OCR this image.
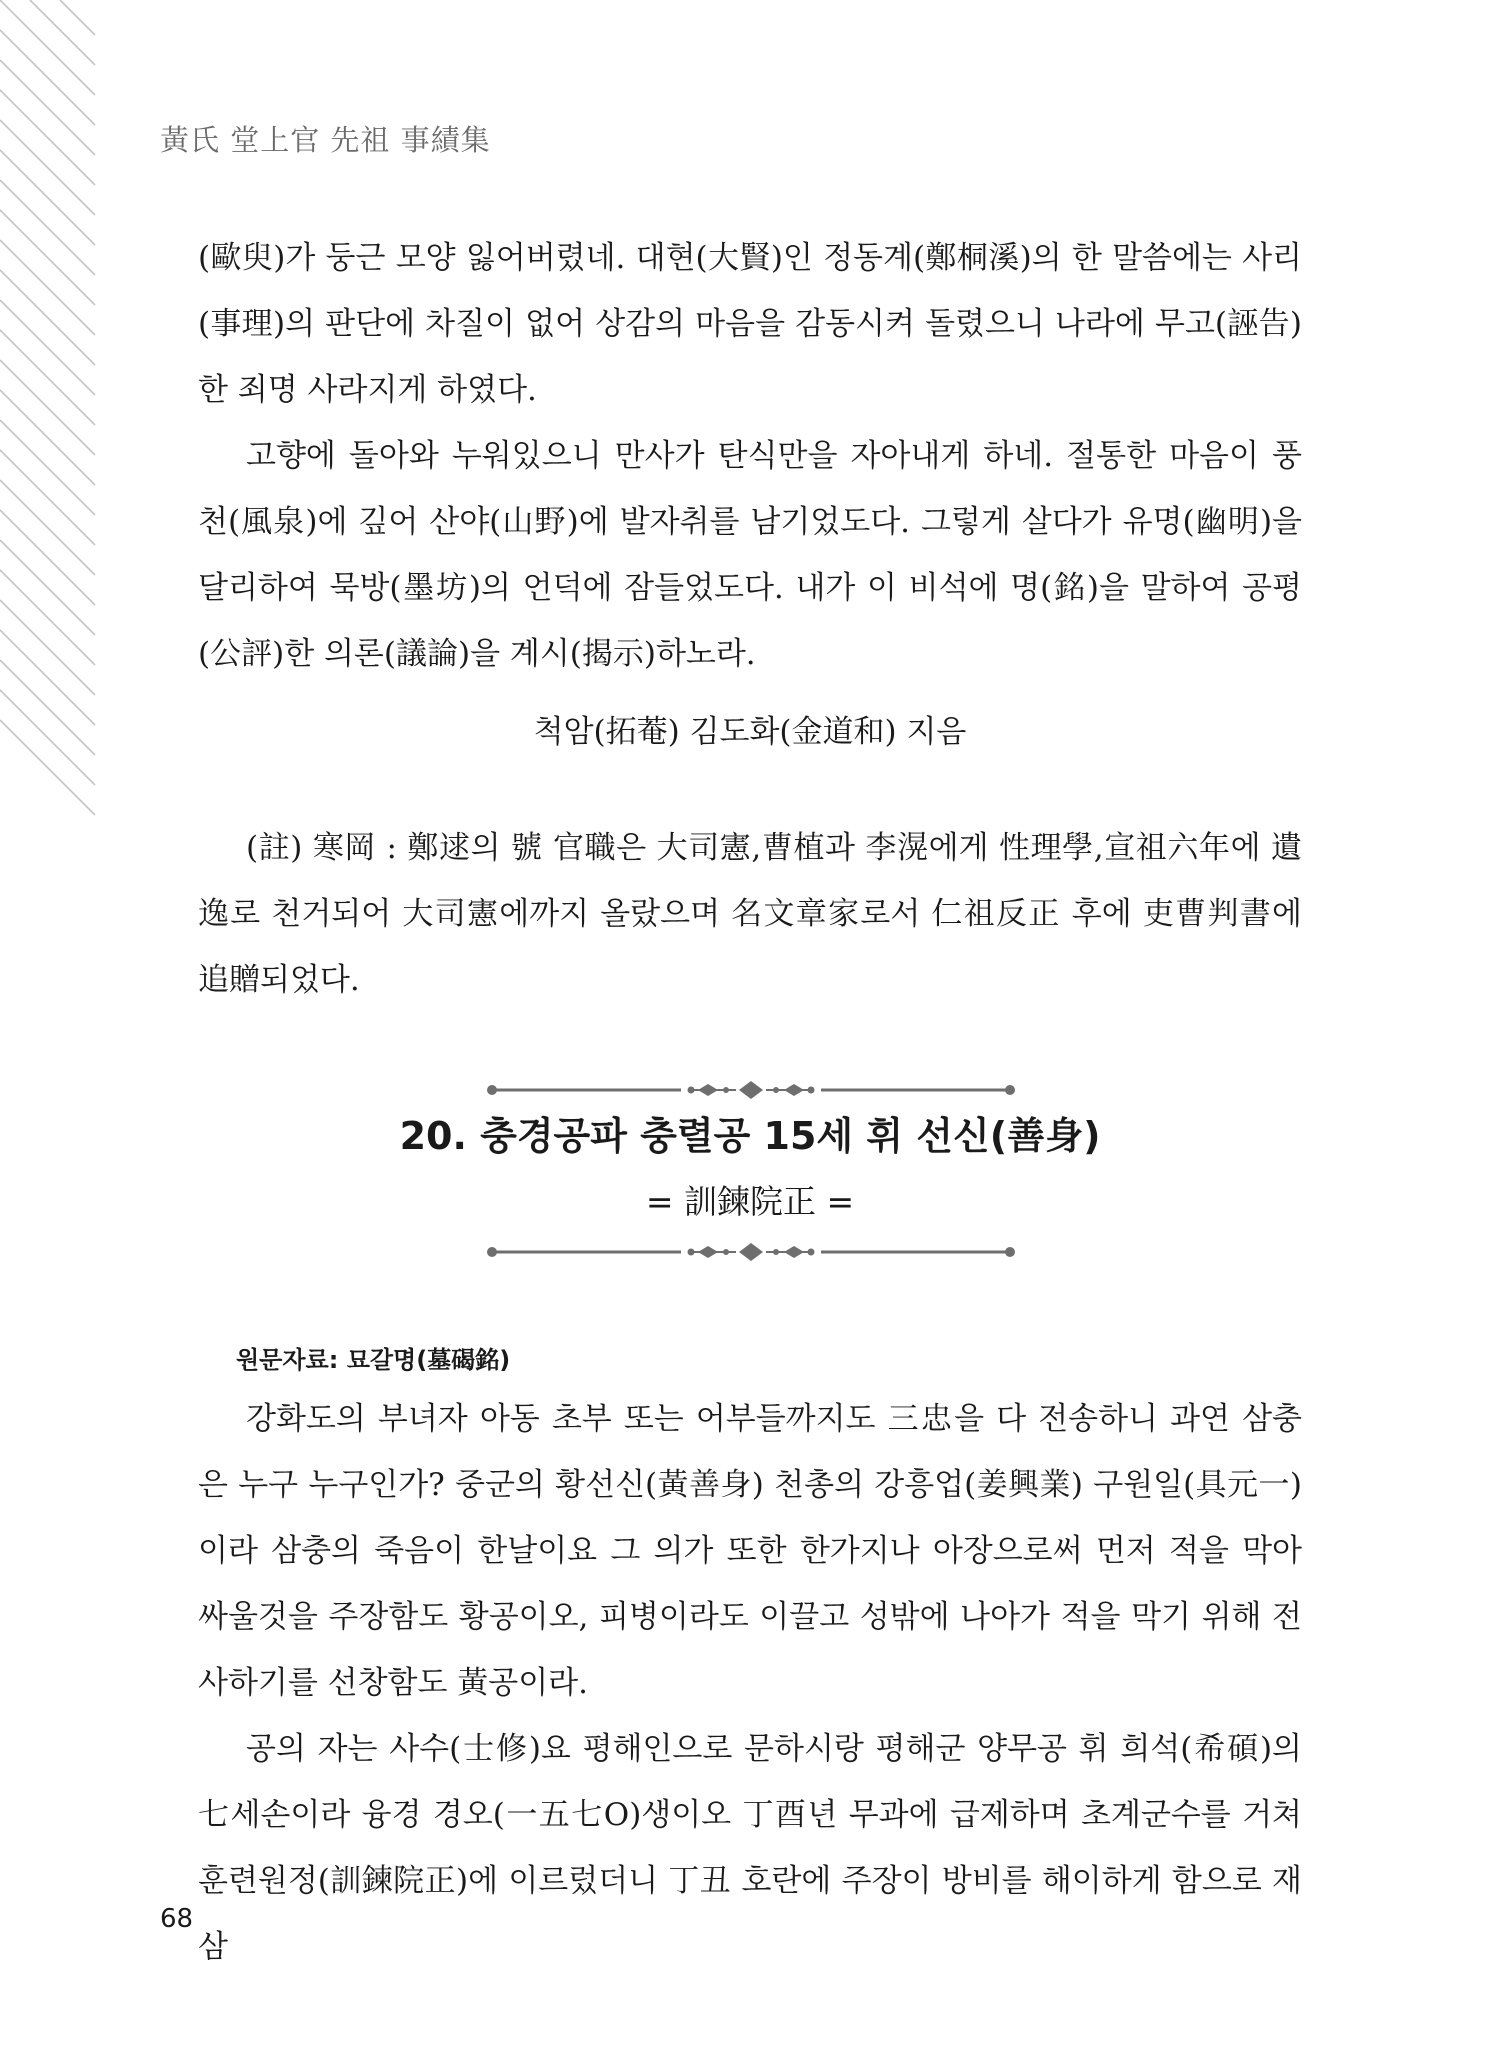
黃氏 堂上官 先祖 事績集

(歐臾)가 둥근 모양 잃어버렸네. 대현(大賢)인 정동계(鄭桐溪)의 한 말씀에는 사리(事理)의 판단에 차질이 없어 상감의 마음을 감동시켜 돌렸으니 나라에 무고(誣告)한 죄명 사라지게 하였다.

고향에 돌아와 누워있으니 만사가 탄식만을 자아내게 하네. 절통한 마음이 풍천(風泉)에 깊어 산야(山野)에 발자취를 남기었도다. 그렇게 살다가 유명(幽明)을 달리하여 묵방(墨坊)의 언덕에 잠들었도다. 내가 이 비석에 명(銘)을 말하여 공평(公評)한 의론(議論)을 계시(揭示)하노라.

척암(拓菴) 김도화(金道和) 지음

(註) 寒岡 : 鄭逑의 號 官職은 大司憲,曹植과 李滉에게 性理學,宣祖六年에 遺逸로 천거되어 大司憲에까지 올랐으며 名文章家로서 仁祖反正 후에 吏曹判書에 追贈되었다.

20. 충경공파 충렬공 15세 휘 선신(善身)

= 訓鍊院正 =

원문자료: 묘갈명(墓碣銘)

강화도의 부녀자 아동 초부 또는 어부들까지도 三忠을 다 전송하니 과연 삼충은 누구 누구인가? 중군의 황선신(黃善身) 천총의 강흥업(姜興業) 구원일(具元一)이라 삼충의 죽음이 한날이요 그 의가 또한 한가지나 아장으로써 먼저 적을 막아 싸울것을 주장함도 황공이오, 피병이라도 이끌고 성밖에 나아가 적을 막기 위해 전사하기를 선창함도 黃공이라.

공의 자는 사수(士修)요 평해인으로 문하시랑 평해군 양무공 휘 희석(希碩)의 七세손이라 융경 경오(一五七O)생이오 丁酉년 무과에 급제하며 초계군수를 거쳐 훈련원정(訓鍊院正)에 이르렀더니 丁丑 호란에 주장이 방비를 해이하게 함으로 재삼

68
